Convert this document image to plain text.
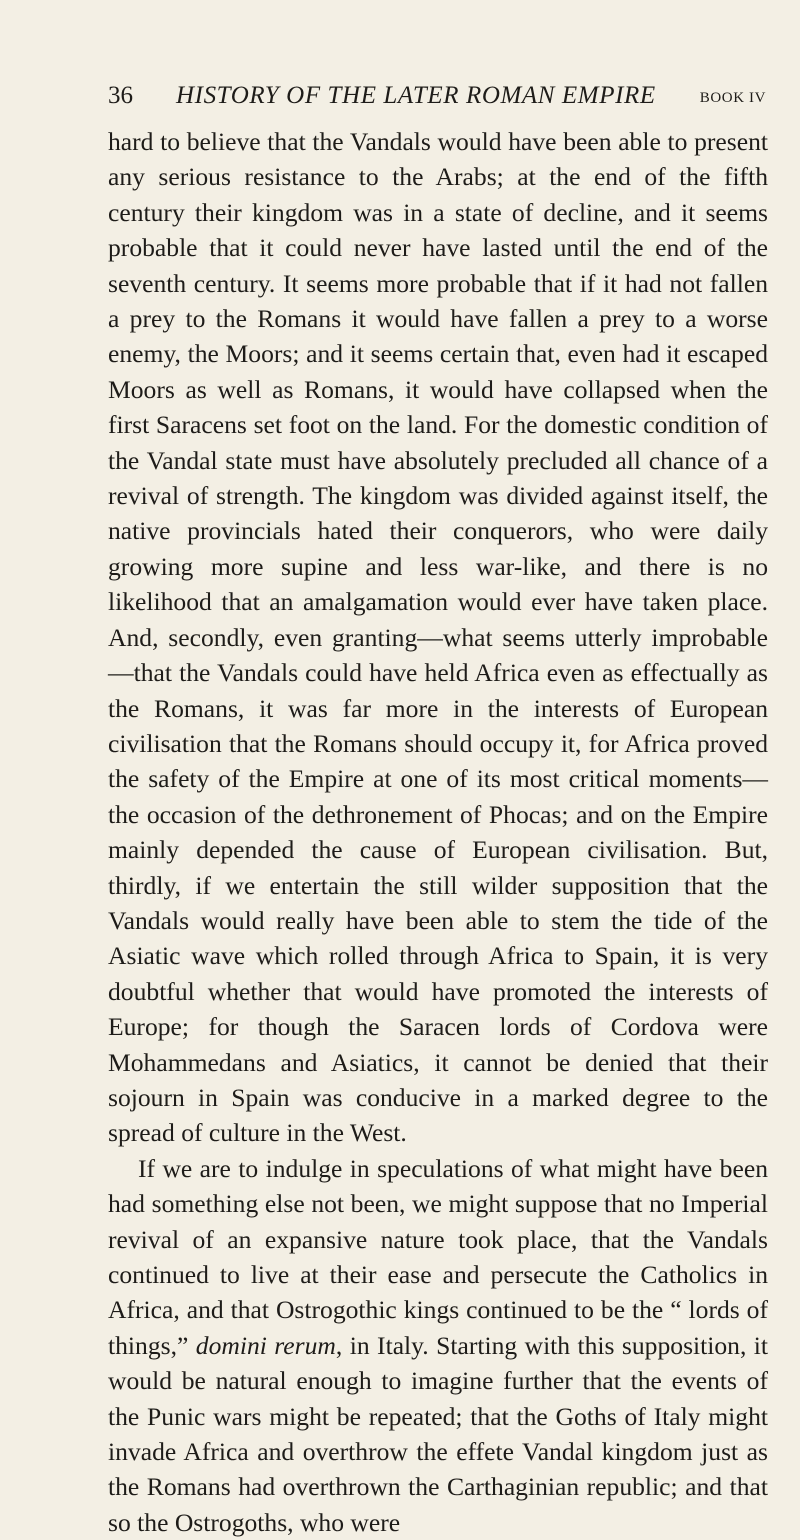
36 HISTORY OF THE LATER ROMAN EMPIRE	BOOK IV

hard to believe that the Vandals would have been able to present any serious resistance to the Arabs; at the end of the fifth century their kingdom was in a state of decline, and it seems probable that it could never have lasted until the end of the seventh century. It seems more probable that if it had not fallen a prey to the Romans it would have fallen a prey to a worse enemy, the Moors; and it seems certain that, even had it escaped Moors as well as Romans, it would have collapsed when the first Saracens set foot on the land. For the domestic condition of the Vandal state must have absolutely precluded all chance of a revival of strength. The kingdom was divided against itself, the native provincials hated their conquerors, who were daily growing more supine and less war-like, and there is no likelihood that an amalgamation would ever have taken place. And, secondly, even granting—what seems utterly improbable—that the Vandals could have held Africa even as effectually as the Romans, it was far more in the interests of European civilisation that the Romans should occupy it, for Africa proved the safety of the Empire at one of its most critical moments—the occasion of the dethronement of Phocas; and on the Empire mainly depended the cause of European civilisation. But, thirdly, if we entertain the still wilder supposition that the Vandals would really have been able to stem the tide of the Asiatic wave which rolled through Africa to Spain, it is very doubtful whether that would have promoted the interests of Europe; for though the Saracen lords of Cordova were Mohammedans and Asiatics, it cannot be denied that their sojourn in Spain was conducive in a marked degree to the spread of culture in the West.

If we are to indulge in speculations of what might have been had something else not been, we might suppose that no Imperial revival of an expansive nature took place, that the Vandals continued to live at their ease and persecute the Catholics in Africa, and that Ostrogothic kings continued to be the “ lords of things,” domini rerum, in Italy. Starting with this supposition, it would be natural enough to imagine further that the events of the Punic wars might be repeated; that the Goths of Italy might invade Africa and overthrow the effete Vandal kingdom just as the Romans had overthrown the Carthaginian republic; and that so the Ostrogoths, who were
